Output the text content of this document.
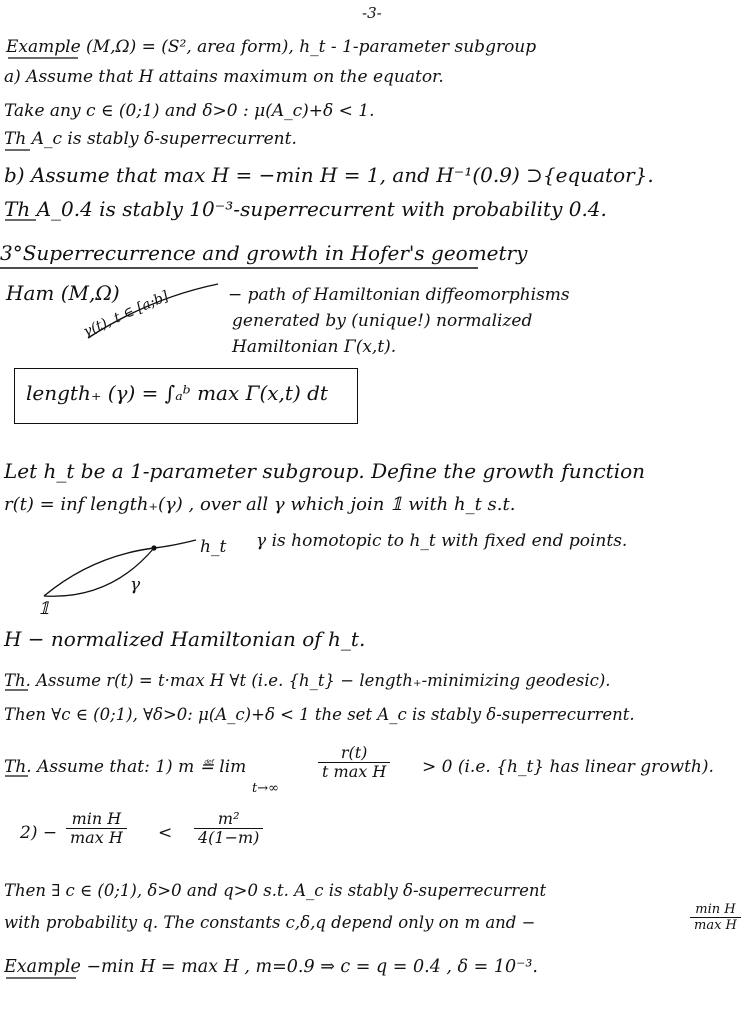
-3-
Example (M,Ω) = (S², area form), h_t - 1-parameter subgroup
a) Assume that H attains maximum on the equator.
Take any c ∈ (0;1) and δ>0 : μ(A_c)+δ < 1.
Th A_c is stably δ-superrecurrent.
b) Assume that max H = −min H = 1, and H⁻¹(0.9) ⊃{equator}.
Th A_0.4 is stably 10⁻³-superrecurrent with probability 0.4.
3°Superrecurrence and growth in Hofer's geometry
Ham (M,Ω)	− path of Hamiltonian diffeomorphisms
generated by (unique!) normalized
Hamiltonian Γ(x,t).
γ(t), t ∈ [a;b]
length₊ (γ) = ∫ₐᵇ max Γ(x,t) dt
Let h_t be a 1-parameter subgroup. Define the growth function
r(t) = inf length₊(γ) , over all γ which join 𝟙 with h_t s.t.
γ is homotopic to h_t with fixed end points.
h_t
γ
𝟙
H − normalized Hamiltonian of h_t.
Th. Assume r(t) = t·max H ∀t (i.e. {h_t} − length₊-minimizing geodesic).
Then ∀c ∈ (0;1), ∀δ>0: μ(A_c)+δ < 1 the set A_c is stably δ-superrecurrent.
Th. Assume that: 1) m ≝ lim
t→∞
r(t)
t max H > 0 (i.e. {h_t} has linear growth).
2) −
min H
$\max H < \frac{\text{m²}}{4(1-m)}$
Then ∃ c ∈ (0;1), δ>0 and q>0 s.t. A_c is stably δ-superrecurrent
with probability q. The constants c,δ,q depend only on m and −
min H
max H
Example −min H = max H , m=0.9 ⇒ c = q = 0.4 , δ = 10⁻³.
